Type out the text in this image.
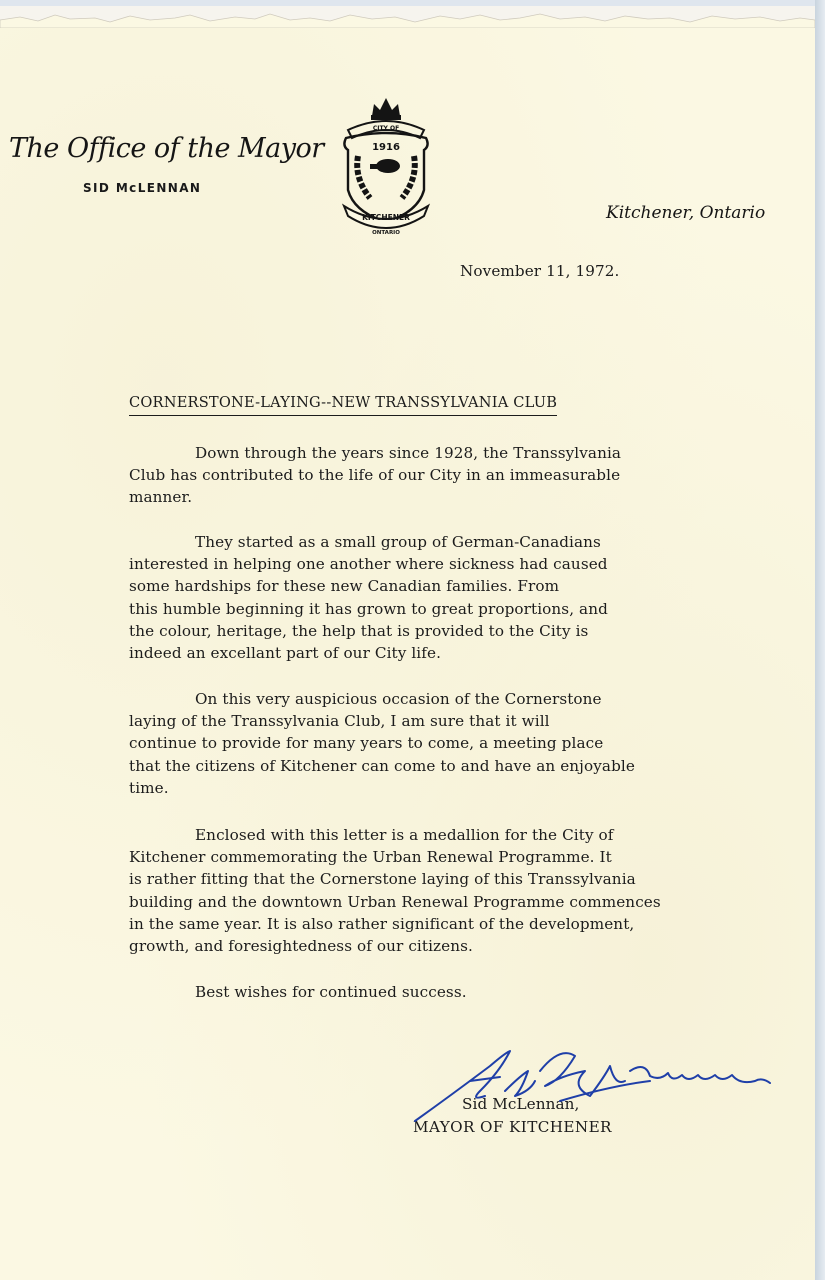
The Office of the Mayor
SID McLENNAN
1916
KITCHENER
ONTARIO
CITY OF
Kitchener, Ontario
November 11, 1972.
CORNERSTONE-LAYING--NEW TRANSSYLVANIA CLUB
Down through the years since 1928, the Transsylvania
Club has contributed to the life of our City in an immeasurable
manner.
They started as a small group of German-Canadians
interested in helping one another where sickness had caused
some hardships for these new Canadian families. From
this humble beginning it has grown to great proportions, and
the colour, heritage, the help that is provided to the City is
indeed an excellant part of our City life.
On this very auspicious occasion of the Cornerstone
laying of the Transsylvania Club, I am sure that it will
continue to provide for many years to come, a meeting place
that the citizens of Kitchener can come to and have an enjoyable
time.
Enclosed with this letter is a medallion for the City of
Kitchener commemorating the Urban Renewal Programme. It
is rather fitting that the Cornerstone laying of this Transsylvania
building and the downtown Urban Renewal Programme commences
in the same year. It is also rather significant of the development,
growth, and foresightedness of our citizens.
Best wishes for continued success.
Sid McLennan,
MAYOR OF KITCHENER
